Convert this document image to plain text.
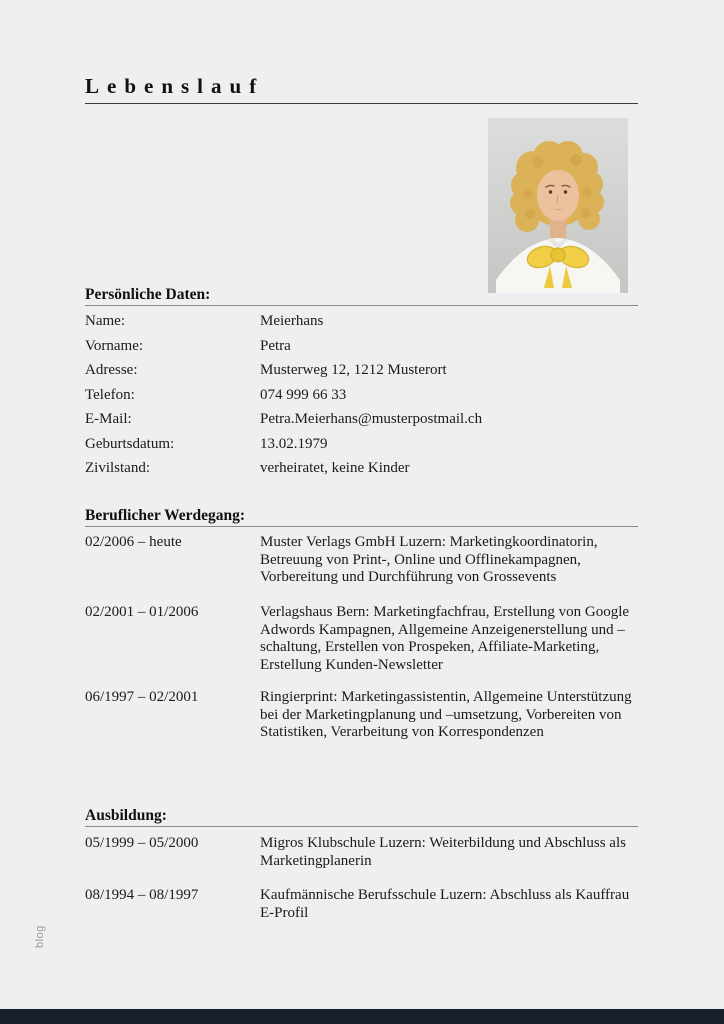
Lebenslauf
Persönliche Daten:
Name:	Meierhans
Vorname:	Petra
Adresse:	Musterweg 12, 1212 Musterort
Telefon:	074 999 66 33
E-Mail:	Petra.Meierhans@musterpostmail.ch
Geburtsdatum:	13.02.1979
Zivilstand:	verheiratet, keine Kinder
Beruflicher Werdegang:
02/2006 – heute	Muster Verlags GmbH Luzern: Marketingkoordinatorin, Betreuung von Print-, Online und Offlinekampagnen, Vorbereitung und Durchführung von Grossevents
02/2001 – 01/2006	Verlagshaus Bern: Marketingfachfrau, Erstellung von Google Adwords Kampagnen, Allgemeine Anzeigenerstellung und –schaltung, Erstellen von Prospeken, Affiliate-Marketing, Erstellung Kunden-Newsletter
06/1997 – 02/2001	Ringierprint: Marketingassistentin, Allgemeine Unterstützung bei der Marketingplanung und –umsetzung, Vorbereiten von Statistiken, Verarbeitung von Korrespondenzen
Ausbildung:
05/1999 – 05/2000	Migros Klubschule Luzern: Weiterbildung und Abschluss als Marketingplanerin
08/1994 – 08/1997	Kaufmännische Berufsschule Luzern: Abschluss als Kauffrau E-Profil
blog
